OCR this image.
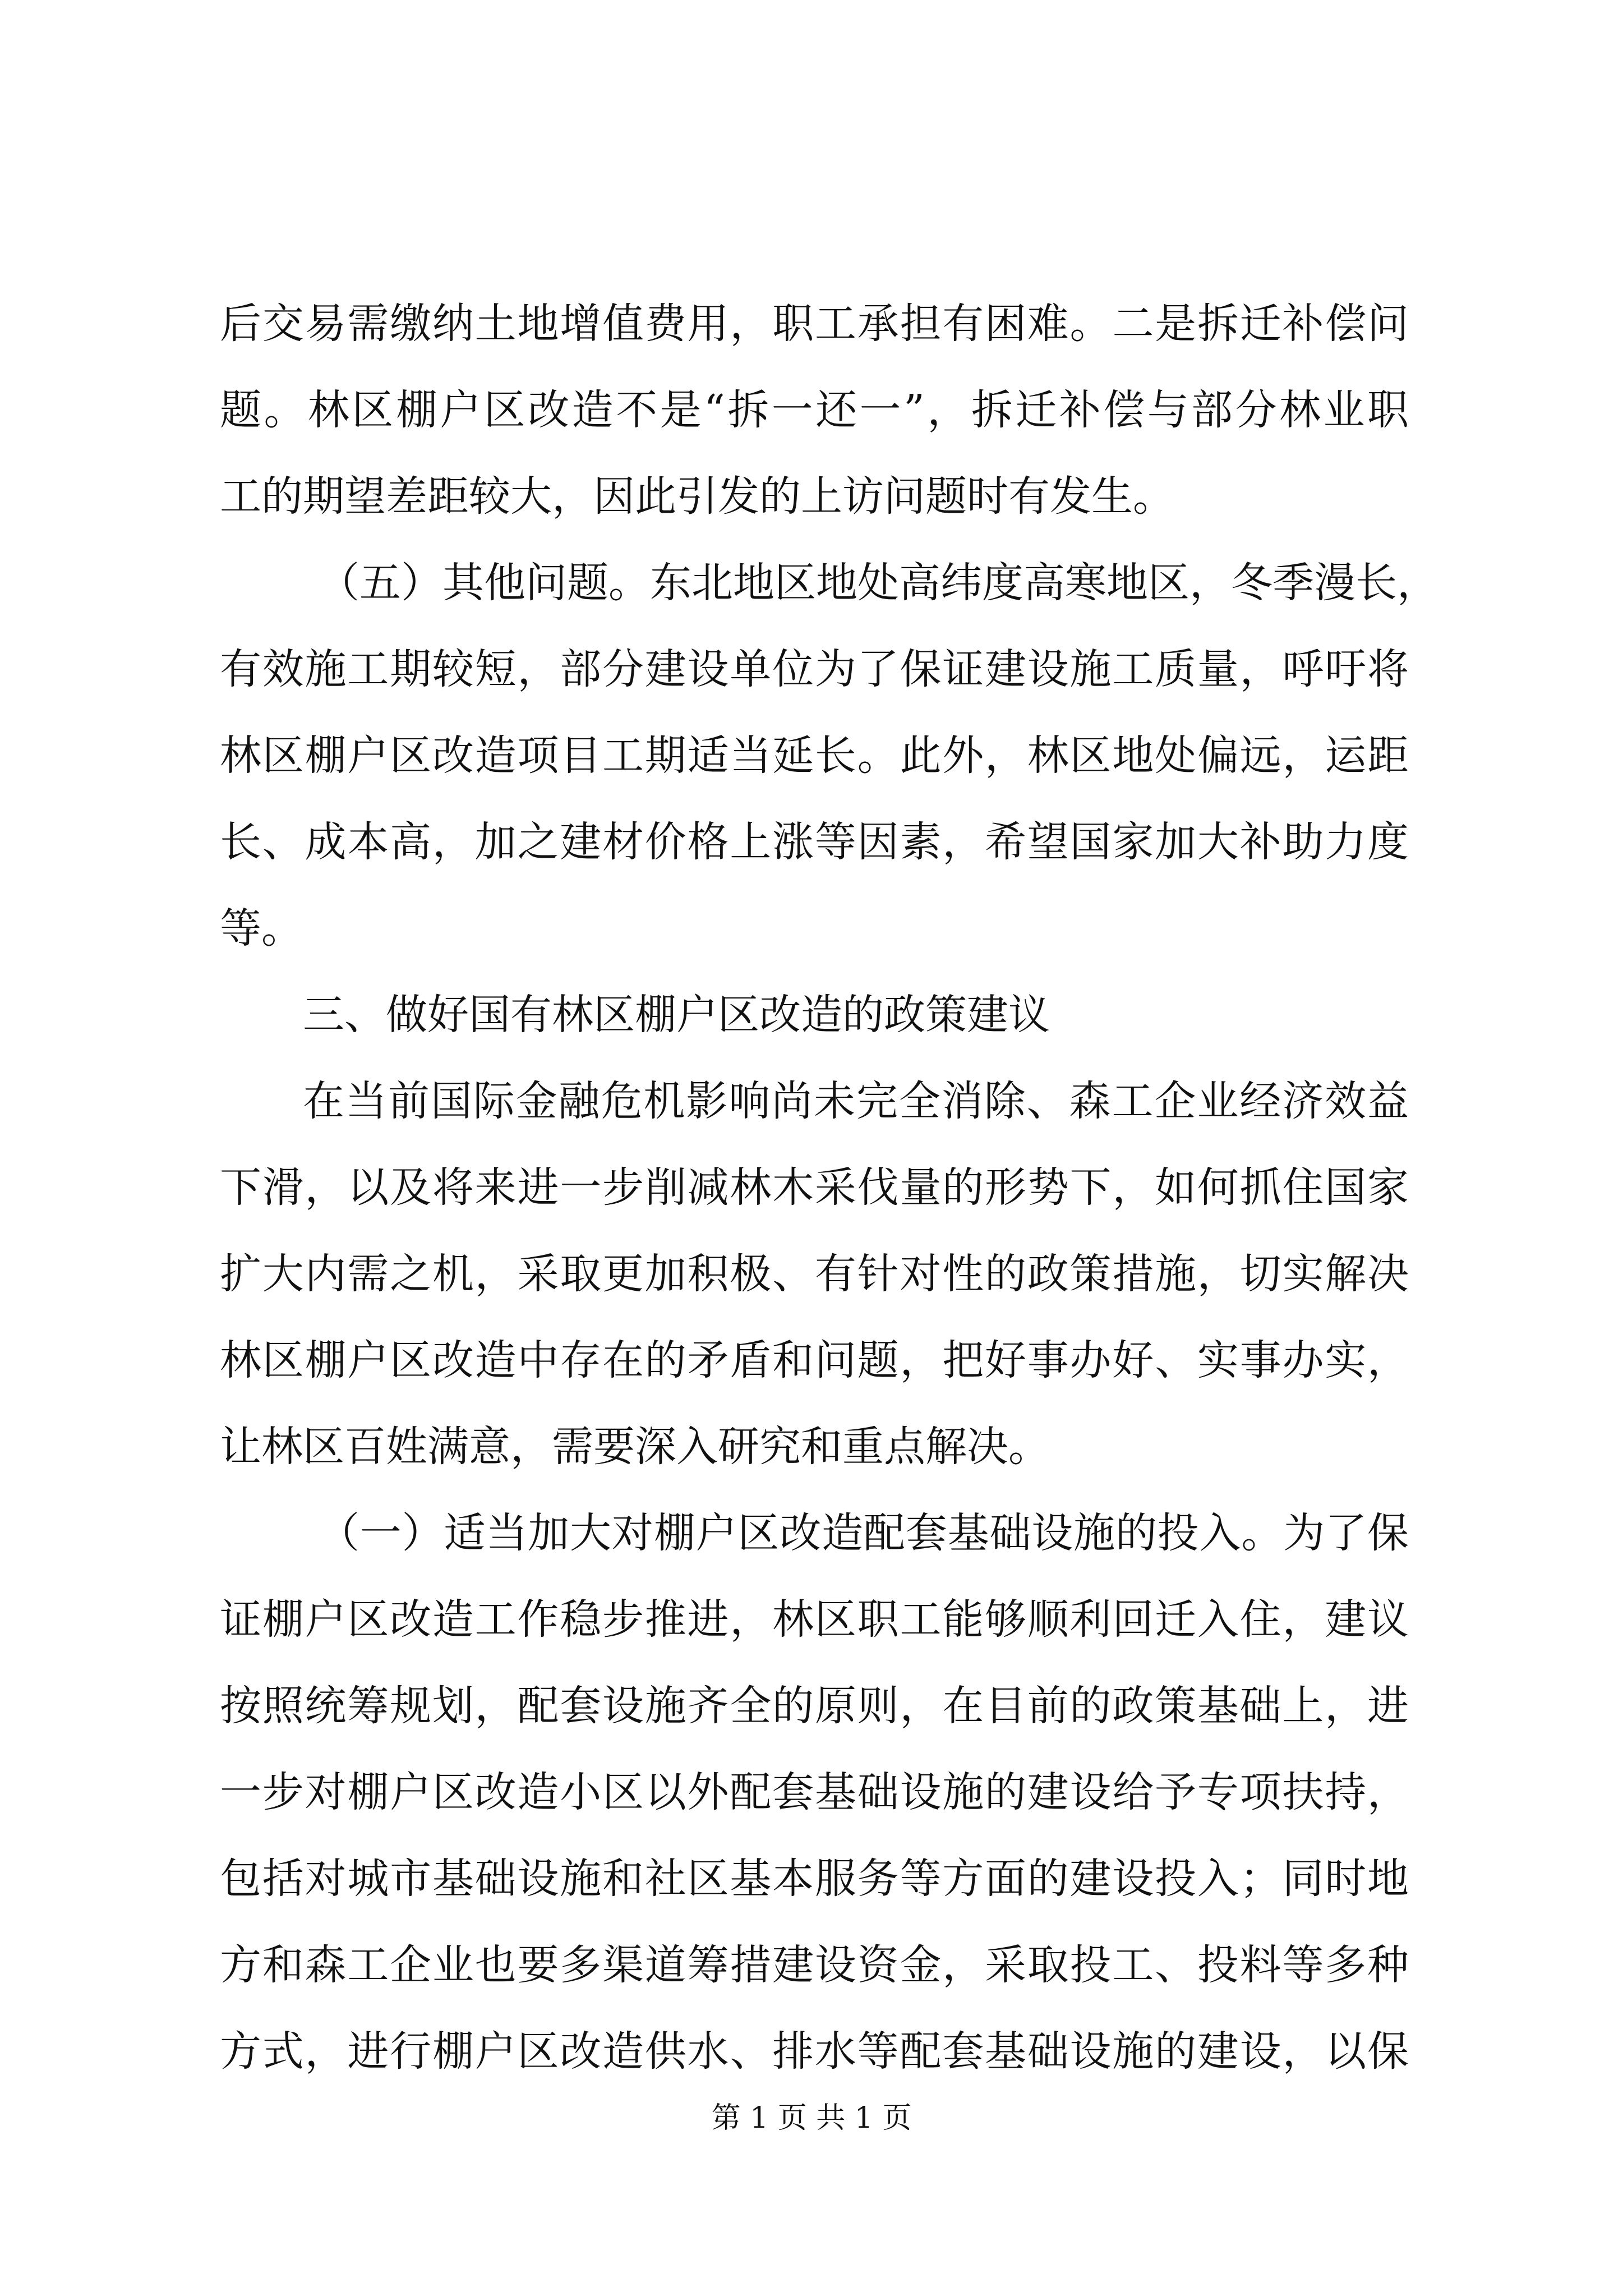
后交易需缴纳土地增值费用，职工承担有困难。二是拆迁补偿问
题。林区棚户区改造不是“拆一还一”，拆迁补偿与部分林业职
工的期望差距较大，因此引发的上访问题时有发生。
（五）其他问题。东北地区地处高纬度高寒地区，冬季漫长，
有效施工期较短，部分建设单位为了保证建设施工质量，呼吁将
林区棚户区改造项目工期适当延长。此外，林区地处偏远，运距
长、成本高，加之建材价格上涨等因素，希望国家加大补助力度
等。
三、做好国有林区棚户区改造的政策建议
在当前国际金融危机影响尚未完全消除、森工企业经济效益
下滑，以及将来进一步削减林木采伐量的形势下，如何抓住国家
扩大内需之机，采取更加积极、有针对性的政策措施，切实解决
林区棚户区改造中存在的矛盾和问题，把好事办好、实事办实，
让林区百姓满意，需要深入研究和重点解决。
（一）适当加大对棚户区改造配套基础设施的投入。为了保
证棚户区改造工作稳步推进，林区职工能够顺利回迁入住，建议
按照统筹规划，配套设施齐全的原则，在目前的政策基础上，进
一步对棚户区改造小区以外配套基础设施的建设给予专项扶持，
包括对城市基础设施和社区基本服务等方面的建设投入；同时地
方和森工企业也要多渠道筹措建设资金，采取投工、投料等多种
方式，进行棚户区改造供水、排水等配套基础设施的建设，以保
第 1 页 共 1 页
